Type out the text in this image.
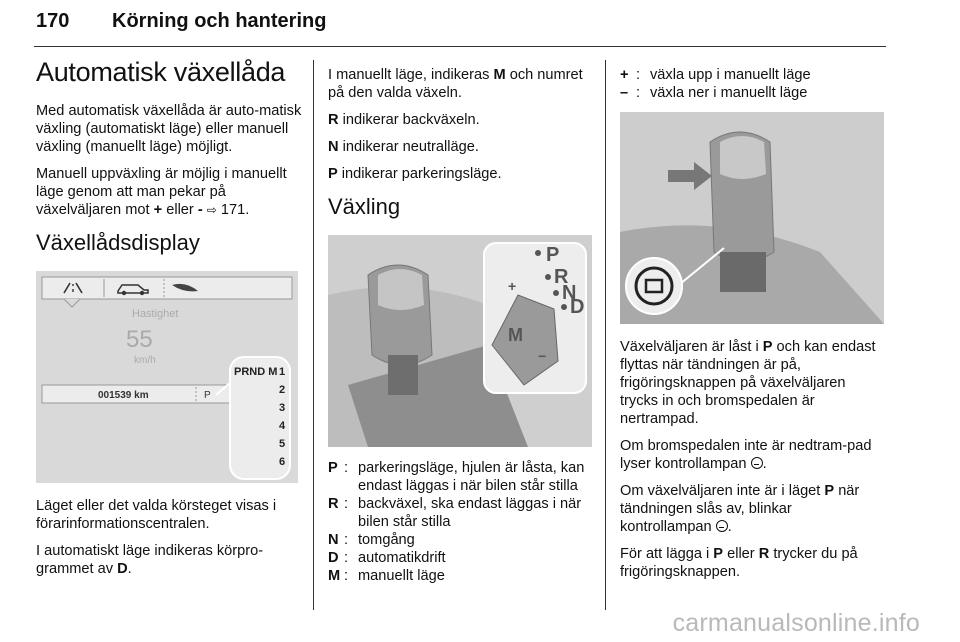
170 Körning och hantering
Automatisk växellåda

Med automatisk växellåda är auto-matisk växling (automatiskt läge) eller manuell växling (manuellt läge) möjligt.

Manuell uppväxling är möjlig i manuellt läge genom att man pekar på växelväljaren mot + eller - ⇨ 171.

Växellådsdisplay
Hastighet
55
km/h
001539 km	P
PRND M 1
2
3
4
5
6

Läget eller det valda körsteget visas i förarinformationscentralen.

I automatiskt läge indikeras körpro-grammet av D.

I manuellt läge, indikeras M och numret på den valda växeln.

R indikerar backväxeln.

N indikerar neutralläge.

P indikerar parkeringsläge.

Växling
P
R
N
D
M
+
−
P : parkeringsläge, hjulen är låsta, kan endast läggas i när bilen står stilla
R : backväxel, ska endast läggas i när bilen står stilla
N : tomgång
D : automatikdrift
M : manuellt läge
+ : växla upp i manuellt läge
– : växla ner i manuellt läge

Växelväljaren är låst i P och kan endast flyttas när tändningen är på, frigöringsknappen på växelväljaren trycks in och bromspedalen är nertrampad.

Om bromspedalen inte är nedtram-pad lyser kontrollampan .

Om växelväljaren inte är i läget P när tändningen slås av, blinkar kontrollampan .

För att lägga i P eller R trycker du på frigöringsknappen.

carmanualsonline.info
